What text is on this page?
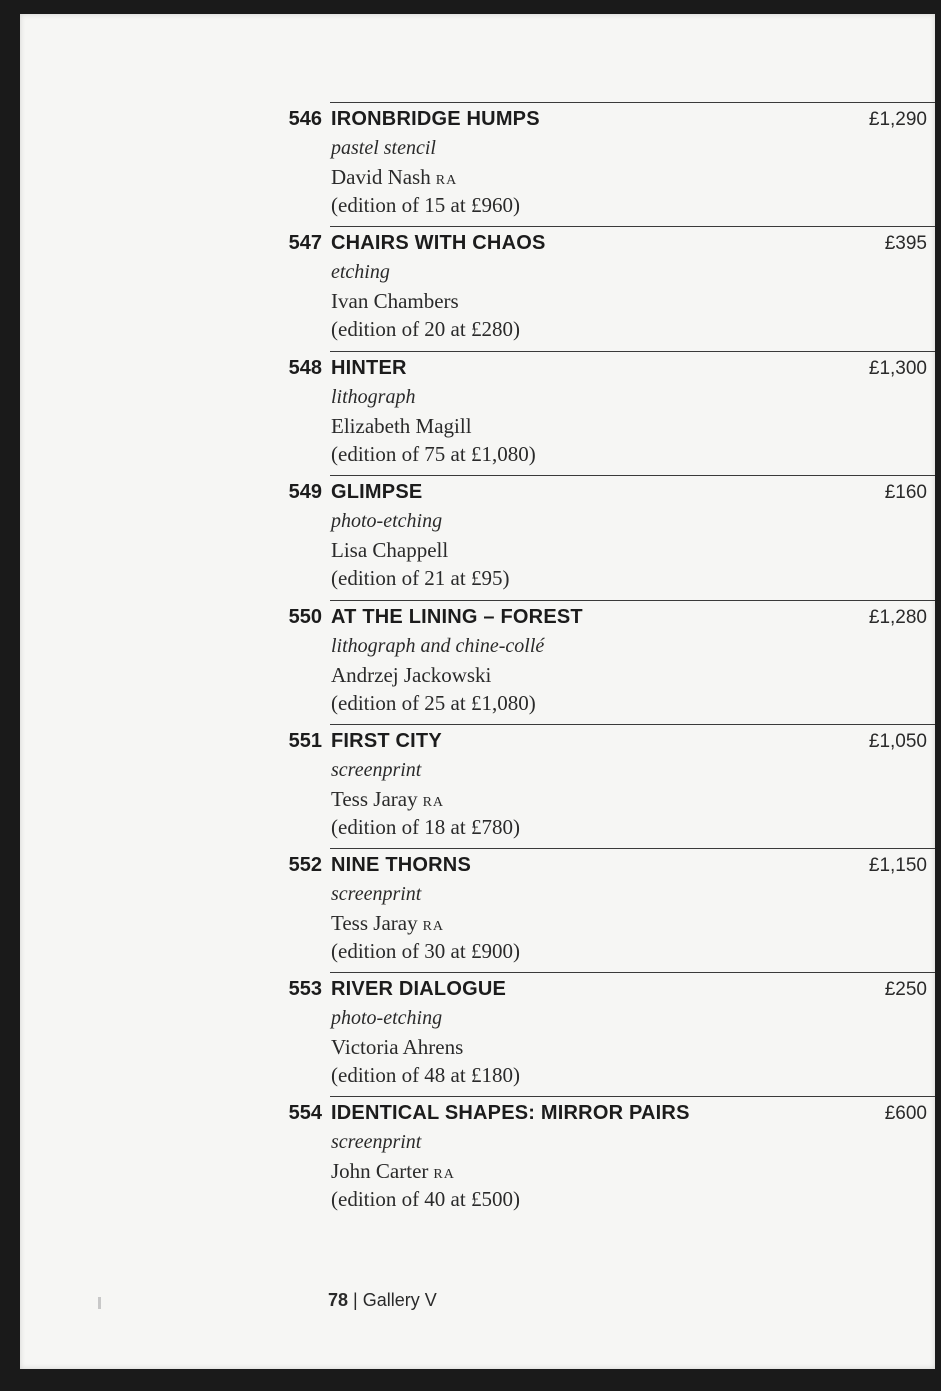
546 IRONBRIDGE HUMPS	£1,290
pastel stencil
David Nash RA
(edition of 15 at £960)
547 CHAIRS WITH CHAOS	£395
etching
Ivan Chambers
(edition of 20 at £280)
548 HINTER	£1,300
lithograph
Elizabeth Magill
(edition of 75 at £1,080)
549 GLIMPSE	£160
photo-etching
Lisa Chappell
(edition of 21 at £95)
550 AT THE LINING – FOREST	£1,280
lithograph and chine-collé
Andrzej Jackowski
(edition of 25 at £1,080)
551 FIRST CITY	£1,050
screenprint
Tess Jaray RA
(edition of 18 at £780)
552 NINE THORNS	£1,150
screenprint
Tess Jaray RA
(edition of 30 at £900)
553 RIVER DIALOGUE	£250
photo-etching
Victoria Ahrens
(edition of 48 at £180)
554 IDENTICAL SHAPES: MIRROR PAIRS	£600
screenprint
John Carter RA
(edition of 40 at £500)
78 | Gallery V
